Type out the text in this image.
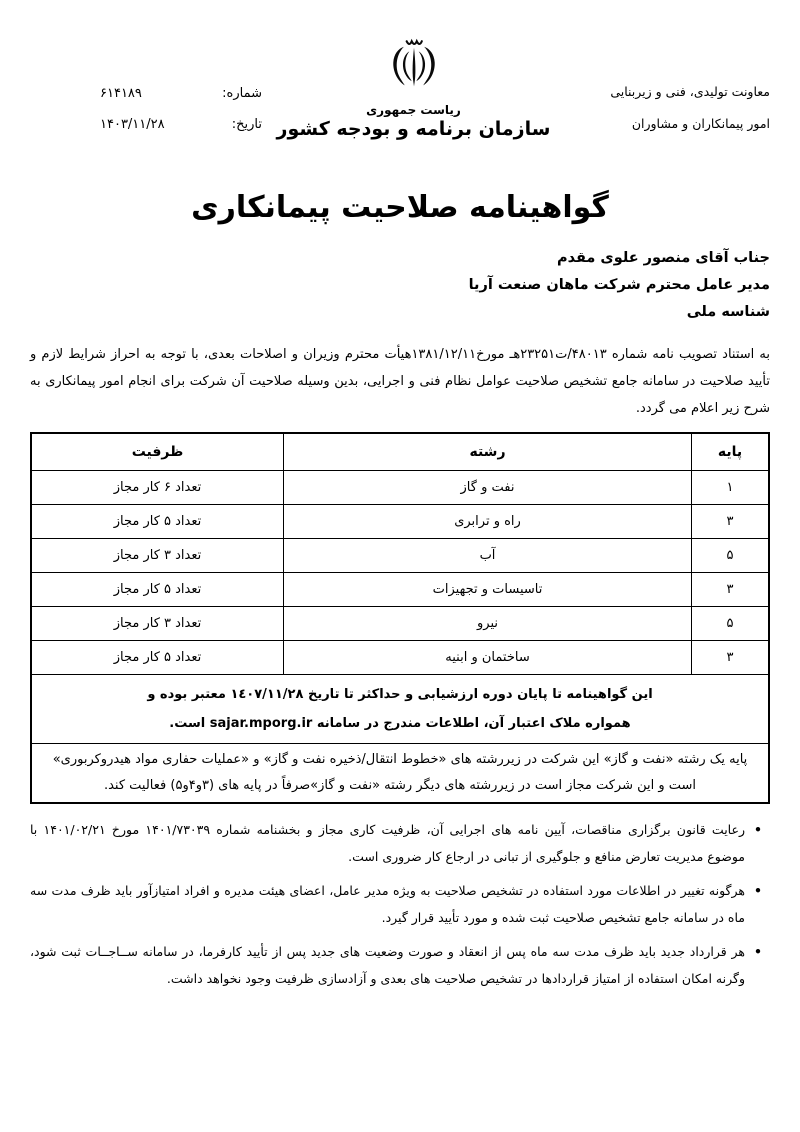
شماره:
۶۱۴۱۸۹
تاریخ:
۱۴۰۳/۱۱/۲۸
ریاست جمهوری
سازمان برنامه و بودجه کشور
معاونت تولیدی، فنی و زیربنایی
امور پیمانکاران و مشاوران
گواهینامه صلاحیت پیمانکاری
جناب آقای منصور علوی مقدم
مدیر عامل محترم شرکت ماهان صنعت آریا
شناسه ملی

به استناد تصویب نامه شماره ۴۸۰۱۳/ت۲۳۲۵۱هـ مورخ۱۳۸۱/۱۲/۱۱هیأت محترم وزیران و اصلاحات بعدی، با توجه به احراز شرایط لازم و تأیید صلاحیت در سامانه جامع تشخیص صلاحیت عوامل نظام فنی و اجرایی، بدین وسیله صلاحیت آن شرکت برای انجام امور پیمانکاری به شرح زیر اعلام می گردد.

پایه	رشته	ظرفیت
۱	نفت و گاز	تعداد ۶ کار مجاز
۳	راه و ترابری	تعداد ۵ کار مجاز
۵	آب	تعداد ۳ کار مجاز
۳	تاسیسات و تجهیزات	تعداد ۵ کار مجاز
۵	نیرو	تعداد ۳ کار مجاز
۳	ساختمان و ابنیه	تعداد ۵ کار مجاز

این گواهینامه تا پایان دوره ارزشیابی و حداکثر تا تاریخ ۱٤۰۷/۱۱/۲۸ معتبر بوده و
همواره ملاک اعتبار آن، اطلاعات مندرج در سامانه sajar.mporg.ir است.		

پایه یک رشته «نفت و گاز» این شرکت در زیررشته های «خطوط انتقال/ذخیره نفت و گاز» و «عملیات حفاری مواد هیدروکربوری» است و این شرکت مجاز است در زیررشته های دیگر رشته «نفت و گاز»صرفاً در پایه های (۳و۴و۵) فعالیت کند.		
•
رعایت قانون برگزاری مناقصات، آیین نامه های اجرایی آن، ظرفیت کاری مجاز و بخشنامه شماره ۱۴۰۱/۷۳۰۳۹ مورخ ۱۴۰۱/۰۲/۲۱ با موضوع مدیریت تعارض منافع و جلوگیری از تبانی در ارجاع کار ضروری است.
•
هرگونه تغییر در اطلاعات مورد استفاده در تشخیص صلاحیت به ویژه مدیر عامل، اعضای هیئت مدیره و افراد امتیازآور باید ظرف مدت سه ماه در سامانه جامع تشخیص صلاحیت ثبت شده و مورد تأیید قرار گیرد.
•
هر قرارداد جدید باید ظرف مدت سه ماه پس از انعقاد و صورت وضعیت های جدید پس از تأیید کارفرما، در سامانه ســاجــات ثبت شود، وگرنه امکان استفاده از امتیاز قراردادها در تشخیص صلاحیت های بعدی و آزادسازی ظرفیت وجود نخواهد داشت.
